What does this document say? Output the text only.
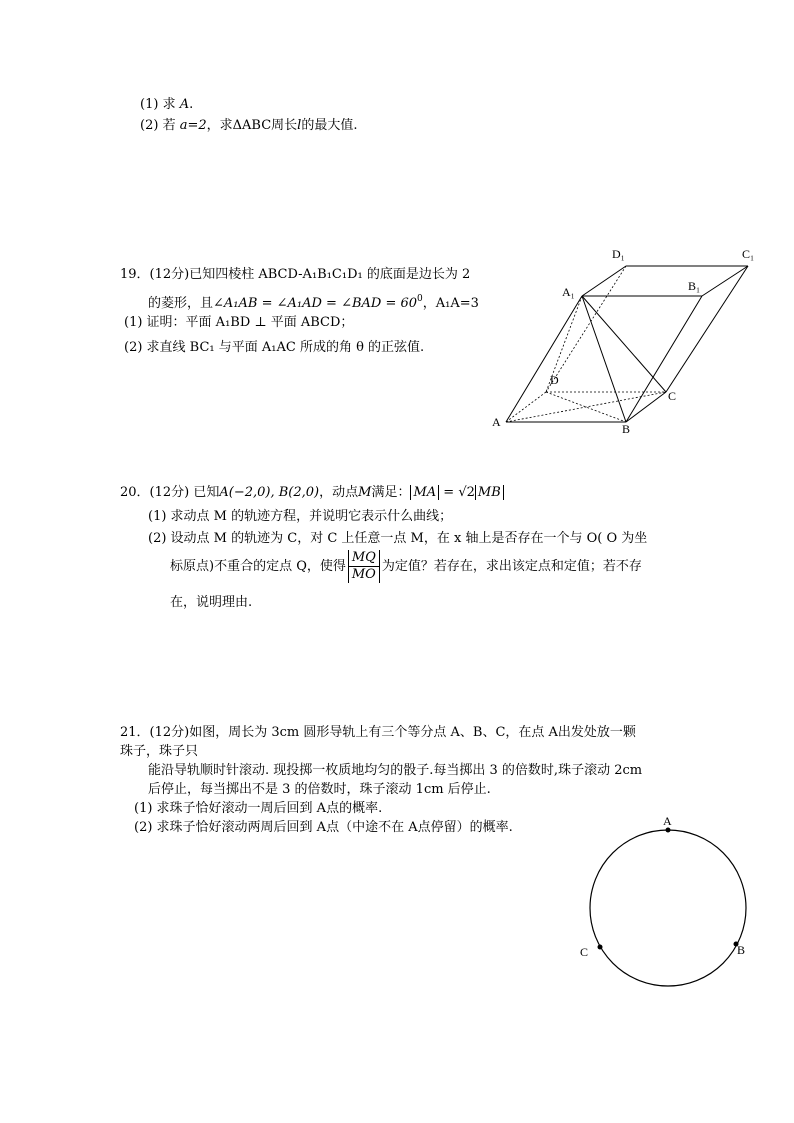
(1) 求 A.
(2) 若 a=2，求ΔABC周长l的最大值.
19．(12分)已知四棱柱 ABCD-A₁B₁C₁D₁ 的底面是边长为 2
的菱形，且∠A₁AB = ∠A₁AD = ∠BAD = $60^0$，A₁A=3
(1) 证明：平面 A₁BD ⊥ 平面 ABCD；
(2) 求直线 BC₁ 与平面 A₁AC 所成的角 θ 的正弦值.
A	B
C
D
A₁	B₁
C₁
D₁
20．(12分) 已知A(−2,0), B(2,0)，动点M满足： MA = √2 MB
(1) 求动点 M 的轨迹方程，并说明它表示什么曲线；
(2) 设动点 M 的轨迹为 C，对 C 上任意一点 M，在 x 轴上是否存在一个与 O( O 为坐
标原点)不重合的定点 Q，使得 $\frac{MQ}{MO}$ 为定值？若存在，求出该定点和定值；若不存
在，说明理由.
21．(12分)如图，周长为 3cm 圆形导轨上有三个等分点 A、B、C，在点 A出发处放一颗
珠子，珠子只
能沿导轨顺时针滚动. 现投掷一枚质地均匀的骰子.每当掷出 3 的倍数时,珠子滚动 2cm
后停止，每当掷出不是 3 的倍数时，珠子滚动 1cm 后停止.
(1) 求珠子恰好滚动一周后回到 A点的概率.
(2) 求珠子恰好滚动两周后回到 A点（中途不在 A点停留）的概率.	A
B
C
